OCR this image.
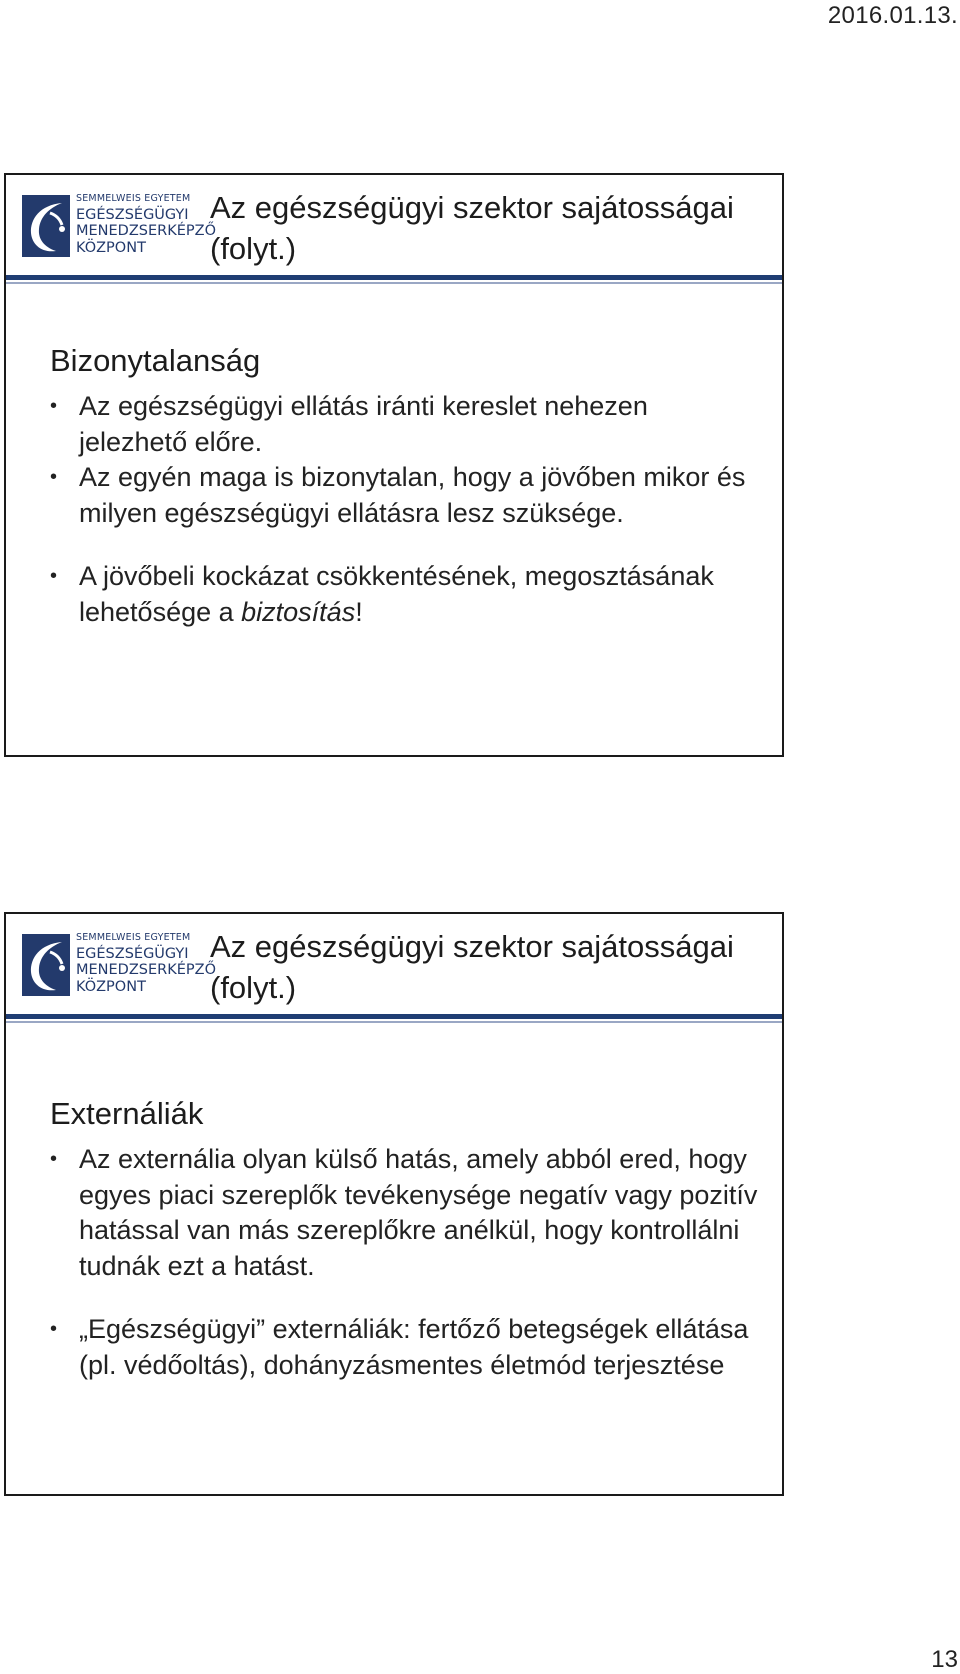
2016.01.13.
SEMMELWEIS EGYETEM
EGÉSZSÉGÜGYI
MENEDZSERKÉPZŐ
KÖZPONT
Az egészségügyi szektor sajátosságai
(folyt.)
Bizonytalanság
• Az egészségügyi ellátás iránti kereslet nehezen jelezhető előre.
• Az egyén maga is bizonytalan, hogy a jövőben mikor és milyen egészségügyi ellátásra lesz szüksége.
• A jövőbeli kockázat csökkentésének, megosztásának lehetősége a biztosítás!
SEMMELWEIS EGYETEM
EGÉSZSÉGÜGYI
MENEDZSERKÉPZŐ
KÖZPONT
Az egészségügyi szektor sajátosságai
(folyt.)
Externáliák
• Az externália olyan külső hatás, amely abból ered, hogy egyes piaci szereplők tevékenysége negatív vagy pozitív hatással van más szereplőkre anélkül, hogy kontrollálni tudnák ezt a hatást.
• „Egészségügyi” externáliák: fertőző betegségek ellátása (pl. védőoltás), dohányzásmentes életmód terjesztése
13
